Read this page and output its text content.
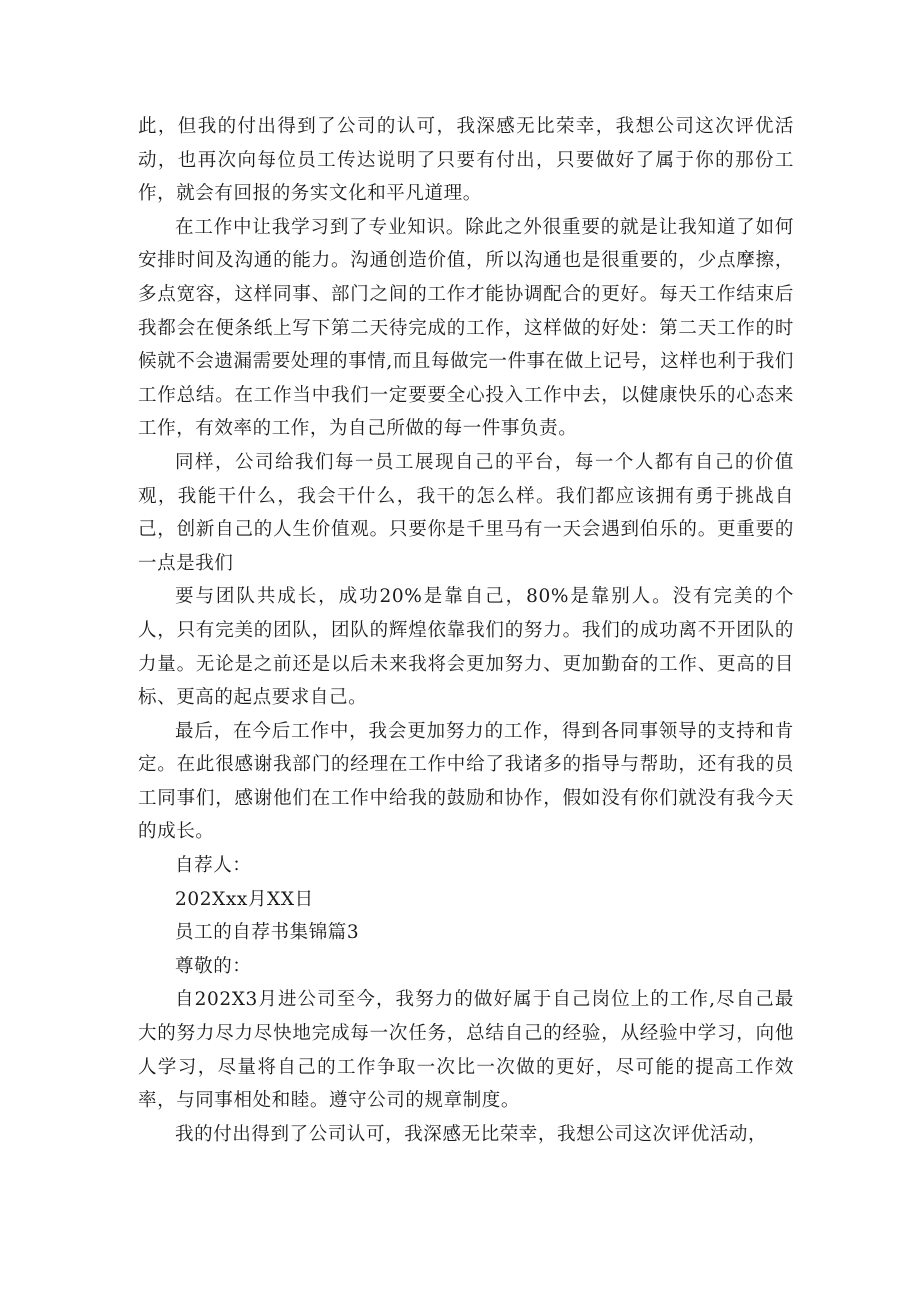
此，但我的付出得到了公司的认可，我深感无比荣幸，我想公司这次评优活动，也再次向每位员工传达说明了只要有付出，只要做好了属于你的那份工作，就会有回报的务实文化和平凡道理。

在工作中让我学习到了专业知识。除此之外很重要的就是让我知道了如何安排时间及沟通的能力。沟通创造价值，所以沟通也是很重要的，少点摩擦，多点宽容，这样同事、部门之间的工作才能协调配合的更好。每天工作结束后我都会在便条纸上写下第二天待完成的工作，这样做的好处：第二天工作的时候就不会遗漏需要处理的事情,而且每做完一件事在做上记号，这样也利于我们工作总结。在工作当中我们一定要要全心投入工作中去，以健康快乐的心态来工作，有效率的工作，为自己所做的每一件事负责。

同样，公司给我们每一员工展现自己的平台，每一个人都有自己的价值观，我能干什么，我会干什么，我干的怎么样。我们都应该拥有勇于挑战自己，创新自己的人生价值观。只要你是千里马有一天会遇到伯乐的。更重要的一点是我们

要与团队共成长，成功20%是靠自己，80%是靠别人。没有完美的个人，只有完美的团队，团队的辉煌依靠我们的努力。我们的成功离不开团队的力量。无论是之前还是以后未来我将会更加努力、更加勤奋的工作、更高的目标、更高的起点要求自己。

最后，在今后工作中，我会更加努力的工作，得到各同事领导的支持和肯定。在此很感谢我部门的经理在工作中给了我诸多的指导与帮助，还有我的员工同事们，感谢他们在工作中给我的鼓励和协作，假如没有你们就没有我今天的成长。

自荐人：

202Xxx月XX日

员工的自荐书集锦篇3

尊敬的：

自202X3月进公司至今，我努力的做好属于自己岗位上的工作,尽自己最大的努力尽力尽快地完成每一次任务，总结自己的经验，从经验中学习，向他人学习，尽量将自己的工作争取一次比一次做的更好，尽可能的提高工作效率，与同事相处和睦。遵守公司的规章制度。

我的付出得到了公司认可，我深感无比荣幸，我想公司这次评优活动，
